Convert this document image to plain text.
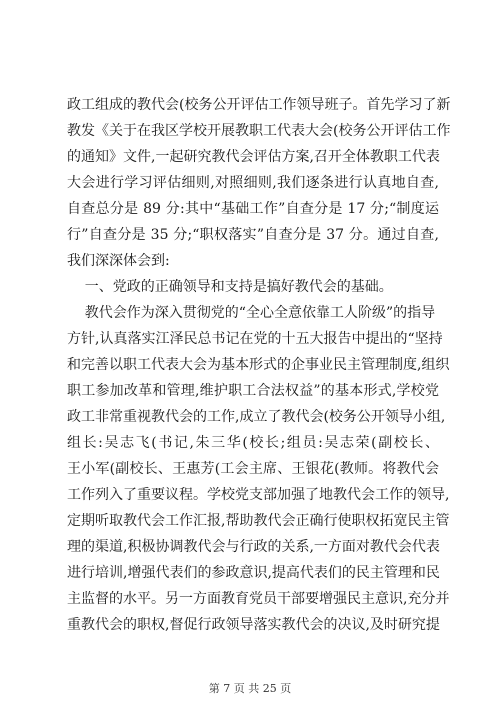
政工组成的教代会(校务公开评估工作领导班子。首先学习了新
教发《关于在我区学校开展教职工代表大会(校务公开评估工作
的通知》文件,一起研究教代会评估方案,召开全体教职工代表
大会进行学习评估细则,对照细则,我们逐条进行认真地自查,
自查总分是 89 分:其中“基础工作”自查分是 17 分;“制度运
行”自查分是 35 分;“职权落实”自查分是 37 分。通过自查,
我们深深体会到:
一、党政的正确领导和支持是搞好教代会的基础。
教代会作为深入贯彻党的“全心全意依靠工人阶级”的指导
方针,认真落实江泽民总书记在党的十五大报告中提出的“坚持
和完善以职工代表大会为基本形式的企事业民主管理制度,组织
职工参加改革和管理,维护职工合法权益”的基本形式,学校党
政工非常重视教代会的工作,成立了教代会(校务公开领导小组,
组长:吴志飞(书记,朱三华(校长;组员:吴志荣(副校长、
王小军(副校长、王惠芳(工会主席、王银花(教师。将教代会
工作列入了重要议程。学校党支部加强了地教代会工作的领导,
定期听取教代会工作汇报,帮助教代会正确行使职权拓宽民主管
理的渠道,积极协调教代会与行政的关系,一方面对教代会代表
进行培训,增强代表们的参政意识,提高代表们的民主管理和民
主监督的水平。另一方面教育党员干部要增强民主意识,充分并
重教代会的职权,督促行政领导落实教代会的决议,及时研究提
第 7 页 共 25 页
